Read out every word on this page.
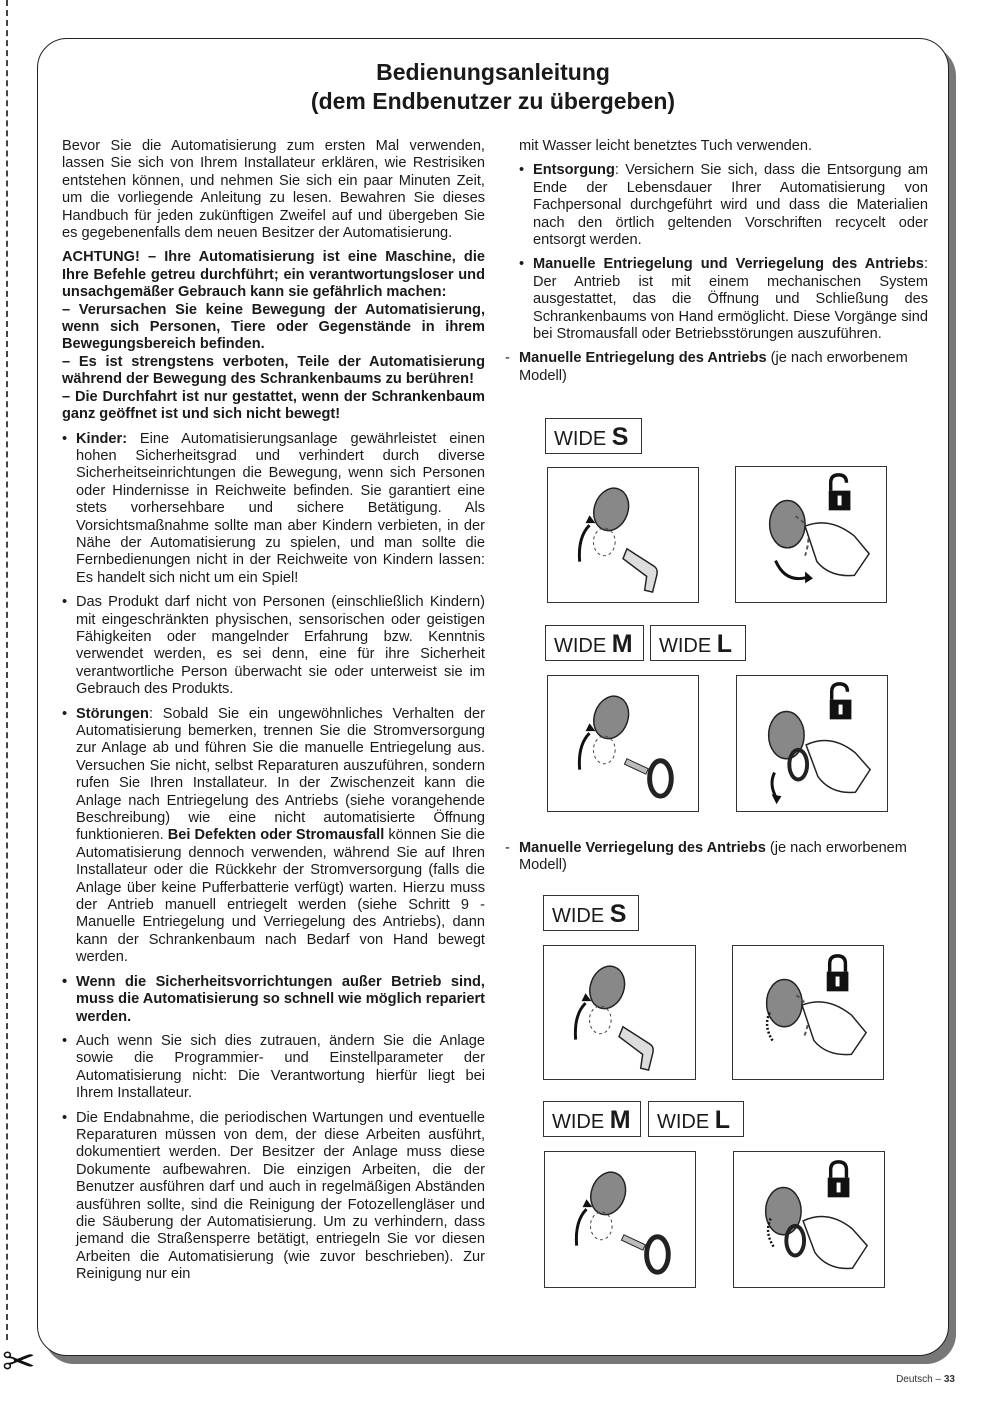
✂
Bedienungsanleitung
(dem Endbenutzer zu übergeben)

Bevor Sie die Automatisierung zum ersten Mal verwenden, lassen Sie sich von Ihrem Installateur erklären, wie Restrisiken entstehen können, und nehmen Sie sich ein paar Minuten Zeit, um die vorliegende Anleitung zu lesen. Bewahren Sie dieses Handbuch für jeden zukünftigen Zweifel auf und übergeben Sie es gegebenenfalls dem neuen Besitzer der Automatisierung.

ACHTUNG! – Ihre Automatisierung ist eine Maschine, die Ihre Befehle getreu durchführt; ein verantwortungsloser und unsachgemäßer Gebrauch kann sie gefährlich machen:
– Verursachen Sie keine Bewegung der Automatisierung, wenn sich Personen, Tiere oder Gegenstände in ihrem Bewegungsbereich befinden.
– Es ist strengstens verboten, Teile der Automatisierung während der Bewegung des Schrankenbaums zu berühren!
– Die Durchfahrt ist nur gestattet, wenn der Schrankenbaum ganz geöffnet ist und sich nicht bewegt!
• Kinder: Eine Automatisierungsanlage gewährleistet einen hohen Sicherheitsgrad und verhindert durch diverse Sicherheitseinrichtungen die Bewegung, wenn sich Personen oder Hindernisse in Reichweite befinden. Sie garantiert eine stets vorhersehbare und sichere Betätigung. Als Vorsichtsmaßnahme sollte man aber Kindern verbieten, in der Nähe der Automatisierung zu spielen, und man sollte die Fernbedienungen nicht in der Reichweite von Kindern lassen: Es handelt sich nicht um ein Spiel!
• Das Produkt darf nicht von Personen (einschließlich Kindern) mit eingeschränkten physischen, sensorischen oder geistigen Fähigkeiten oder mangelnder Erfahrung bzw. Kenntnis verwendet werden, es sei denn, eine für ihre Sicherheit verantwortliche Person überwacht sie oder unterweist sie im Gebrauch des Produkts.
• Störungen: Sobald Sie ein ungewöhnliches Verhalten der Automatisierung bemerken, trennen Sie die Stromversorgung zur Anlage ab und führen Sie die manuelle Entriegelung aus. Versuchen Sie nicht, selbst Reparaturen auszuführen, sondern rufen Sie Ihren Installateur. In der Zwischenzeit kann die Anlage nach Entriegelung des Antriebs (siehe vorangehende Beschreibung) wie eine nicht automatisierte Öffnung funktionieren. Bei Defekten oder Stromausfall können Sie die Automatisierung dennoch verwenden, während Sie auf Ihren Installateur oder die Rückkehr der Stromversorgung (falls die Anlage über keine Pufferbatterie verfügt) warten. Hierzu muss der Antrieb manuell entriegelt werden (siehe Schritt 9 - Manuelle Entriegelung und Verriegelung des Antriebs), dann kann der Schrankenbaum nach Bedarf von Hand bewegt werden.
• Wenn die Sicherheitsvorrichtungen außer Betrieb sind, muss die Automatisierung so schnell wie möglich repariert werden.
• Auch wenn Sie sich dies zutrauen, ändern Sie die Anlage sowie die Programmier- und Einstellparameter der Automatisierung nicht: Die Verantwortung hierfür liegt bei Ihrem Installateur.
• Die Endabnahme, die periodischen Wartungen und eventuelle Reparaturen müssen von dem, der diese Arbeiten ausführt, dokumentiert werden. Der Besitzer der Anlage muss diese Dokumente aufbewahren. Die einzigen Arbeiten, die der Benutzer ausführen darf und auch in regelmäßigen Abständen ausführen sollte, sind die Reinigung der Fotozellengläser und die Säuberung der Automatisierung. Um zu verhindern, dass jemand die Straßensperre betätigt, entriegeln Sie vor diesen Arbeiten die Automatisierung (wie zuvor beschrieben). Zur Reinigung nur ein

mit Wasser leicht benetztes Tuch verwenden.

• Entsorgung: Versichern Sie sich, dass die Entsorgung am Ende der Lebensdauer Ihrer Automatisierung von Fachpersonal durchgeführt wird und dass die Materialien nach den örtlich geltenden Vorschriften recycelt oder entsorgt werden.
• Manuelle Entriegelung und Verriegelung des Antriebs: Der Antrieb ist mit einem mechanischen System ausgestattet, das die Öffnung und Schließung des Schrankenbaums von Hand ermöglicht. Diese Vorgänge sind bei Stromausfall oder Betriebsstörungen auszuführen.
- Manuelle Entriegelung des Antriebs (je nach erworbenem Modell)
- Manuelle Verriegelung des Antriebs (je nach erworbenem Modell)
WIDE S
WIDE M	WIDE L
WIDE S
WIDE M	WIDE L
Deutsch – 33
